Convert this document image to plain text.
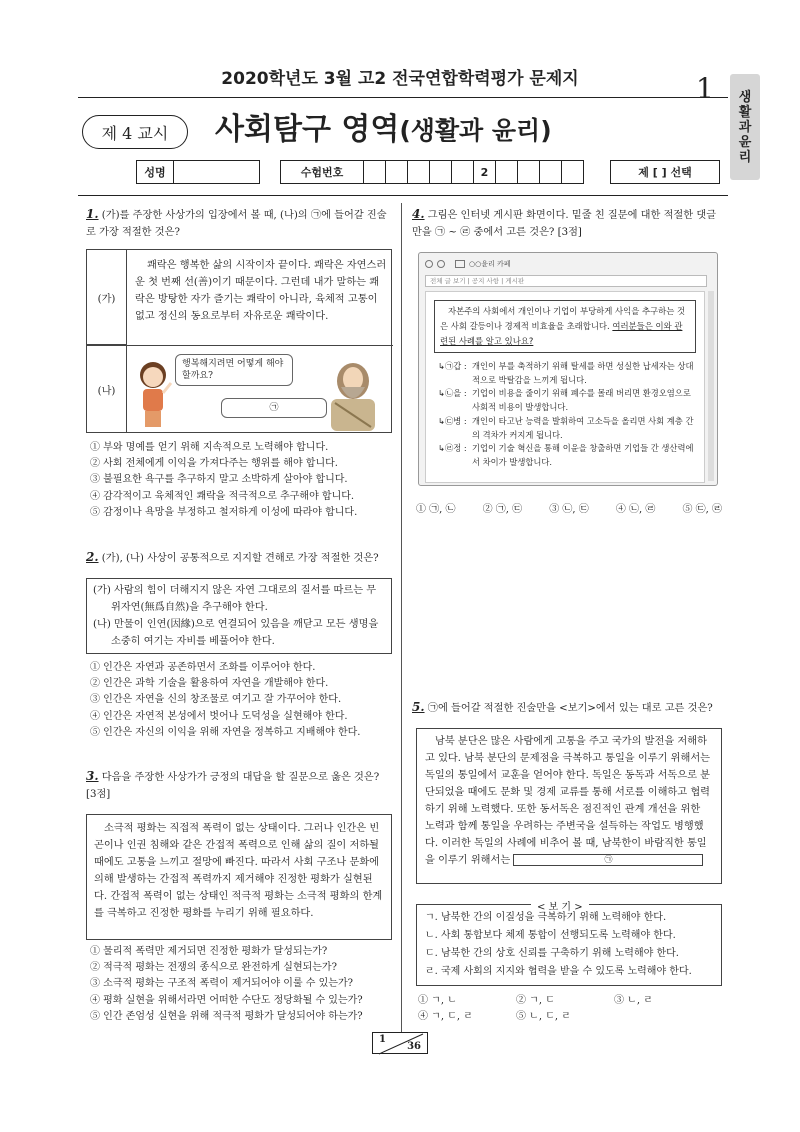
2020학년도 3월 고2 전국연합학력평가 문제지	1 생
활
과
윤
리
제 4 교시	사회탐구 영역(생활과 윤리)
성명	수험번호	2	제 [ ] 선택
1. (가)를 주장한 사상가의 입장에서 볼 때, (나)의 ㉠에 들어갈 진술로 가장 적절한 것은?
(가)
쾌락은 행복한 삶의 시작이자 끝이다. 쾌락은 자연스러운 첫 번째 선(善)이기 때문이다. 그런데 내가 말하는 쾌락은 방탕한 자가 즐기는 쾌락이 아니라, 육체적 고통이 없고 정신의 동요로부터 자유로운 쾌락이다.
(나)
행복해지려면 어떻게 해야 할까요?
㉠
① 부와 명예를 얻기 위해 지속적으로 노력해야 합니다.
② 사회 전체에게 이익을 가져다주는 행위를 해야 합니다.
③ 불필요한 욕구를 추구하지 말고 소박하게 살아야 합니다.
④ 감각적이고 육체적인 쾌락을 적극적으로 추구해야 합니다.
⑤ 감정이나 욕망을 부정하고 철저하게 이성에 따라야 합니다.
2. (가), (나) 사상이 공통적으로 지지할 견해로 가장 적절한 것은?
(가) 사람의 힘이 더해지지 않은 자연 그대로의 질서를 따르는 무위자연(無爲自然)을 추구해야 한다.
(나) 만물이 인연(因緣)으로 연결되어 있음을 깨닫고 모든 생명을 소중히 여기는 자비를 베풀어야 한다.
① 인간은 자연과 공존하면서 조화를 이루어야 한다.
② 인간은 과학 기술을 활용하여 자연을 개발해야 한다.
③ 인간은 자연을 신의 창조물로 여기고 잘 가꾸어야 한다.
④ 인간은 자연적 본성에서 벗어나 도덕성을 실현해야 한다.
⑤ 인간은 자신의 이익을 위해 자연을 정복하고 지배해야 한다.
3. 다음을 주장한 사상가가 긍정의 대답을 할 질문으로 옳은 것은? [3점]
소극적 평화는 직접적 폭력이 없는 상태이다. 그러나 인간은 빈곤이나 인권 침해와 같은 간접적 폭력으로 인해 삶의 질이 저하될 때에도 고통을 느끼고 절망에 빠진다. 따라서 사회 구조나 문화에 의해 발생하는 간접적 폭력까지 제거해야 진정한 평화가 실현된다. 간접적 폭력이 없는 상태인 적극적 평화는 소극적 평화의 한계를 극복하고 진정한 평화를 누리기 위해 필요하다.
① 물리적 폭력만 제거되면 진정한 평화가 달성되는가?
② 적극적 평화는 전쟁의 종식으로 완전하게 실현되는가?
③ 소극적 평화는 구조적 폭력이 제거되어야 이룰 수 있는가?
④ 평화 실현을 위해서라면 어떠한 수단도 정당화될 수 있는가?
⑤ 인간 존엄성 실현을 위해 적극적 평화가 달성되어야 하는가?
4. 그림은 인터넷 게시판 화면이다. 밑줄 친 질문에 대한 적절한 댓글만을 ㉠ ~ ㉣ 중에서 고른 것은? [3점]
○○윤리 카페
전체 글 보기 | 공지 사항 | 게시판
자본주의 사회에서 개인이나 기업이 부당하게 사익을 추구하는 것은 사회 갈등이나 경제적 비효율을 초래합니다. 여러분들은 이와 관련된 사례를 알고 있나요?
↳㉠갑 : 개인이 부를 축적하기 위해 탈세를 하면 성실한 납세자는 상대적으로 박탈감을 느끼게 됩니다.
↳㉡을 : 기업이 비용을 줄이기 위해 폐수를 몰래 버리면 환경오염으로 사회적 비용이 발생합니다.
↳㉢병 : 개인이 타고난 능력을 발휘하여 고소득을 올리면 사회 계층 간의 격차가 커지게 됩니다.
↳㉣정 : 기업이 기술 혁신을 통해 이윤을 창출하면 기업들 간 생산력에서 차이가 발생합니다.
① ㉠, ㉡	② ㉠, ㉢	③ ㉡, ㉢	④ ㉡, ㉣	⑤ ㉢, ㉣
5. ㉠에 들어갈 적절한 진술만을 <보기>에서 있는 대로 고른 것은?
남북 분단은 많은 사람에게 고통을 주고 국가의 발전을 저해하고 있다. 남북 분단의 문제점을 극복하고 통일을 이루기 위해서는 독일의 통일에서 교훈을 얻어야 한다. 독일은 동독과 서독으로 분단되었을 때에도 문화 및 경제 교류를 통해 서로를 이해하고 협력하기 위해 노력했다. 또한 동서독은 점진적인 관계 개선을 위한 노력과 함께 통일을 우려하는 주변국을 설득하는 작업도 병행했다. 이러한 독일의 사례에 비추어 볼 때, 남북한이 바람직한 통일을 이루기 위해서는	㉠
< 보 기 >
ㄱ. 남북한 간의 이질성을 극복하기 위해 노력해야 한다.
ㄴ. 사회 통합보다 체제 통합이 선행되도록 노력해야 한다.
ㄷ. 남북한 간의 상호 신뢰를 구축하기 위해 노력해야 한다.
ㄹ. 국제 사회의 지지와 협력을 받을 수 있도록 노력해야 한다.
① ㄱ, ㄴ	② ㄱ, ㄷ	③ ㄴ, ㄹ
④ ㄱ, ㄷ, ㄹ	⑤ ㄴ, ㄷ, ㄹ
1
36
